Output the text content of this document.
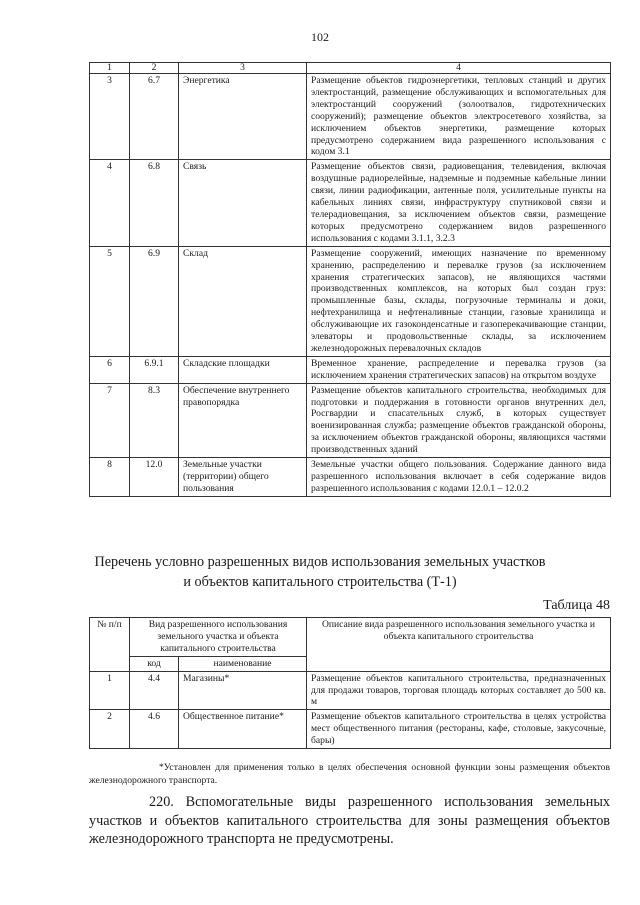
102
1	2	3	4
3	6.7	Энергетика	Размещение объектов гидроэнергетики, тепловых станций и других электростанций, размещение обслуживающих и вспомогательных для электростанций сооружений (золоотвалов, гидротехнических сооружений); размещение объектов электросетевого хозяйства, за исключением объектов энергетики, размещение которых предусмотрено содержанием вида разрешенного использования с кодом 3.1
4	6.8	Связь	Размещение объектов связи, радиовещания, телевидения, включая воздушные радиорелейные, надземные и подземные кабельные линии связи, линии радиофикации, антенные поля, усилительные пункты на кабельных линиях связи, инфраструктуру спутниковой связи и телерадиовещания, за исключением объектов связи, размещение которых предусмотрено содержанием видов разрешенного использования с кодами 3.1.1, 3.2.3
5	6.9	Склад	Размещение сооружений, имеющих назначение по временному хранению, распределению и перевалке грузов (за исключением хранения стратегических запасов), не являющихся частями производственных комплексов, на которых был создан груз: промышленные базы, склады, погрузочные терминалы и доки, нефтехранилища и нефтеналивные станции, газовые хранилища и обслуживающие их газоконденсатные и газоперекачивающие станции, элеваторы и продовольственные склады, за исключением железнодорожных перевалочных складов
6	6.9.1	Складские площадки	Временное хранение, распределение и перевалка грузов (за исключением хранения стратегических запасов) на открытом воздухе
7	8.3	Обеспечение внутреннего правопорядка	Размещение объектов капитального строительства, необходимых для подготовки и поддержания в готовности органов внутренних дел, Росгвардии и спасательных служб, в которых существует военизированная служба; размещение объектов гражданской обороны, за исключением объектов гражданской обороны, являющихся частями производственных зданий
8	12.0	Земельные участки (территории) общего пользования	Земельные участки общего пользования. Содержание данного вида разрешенного использования включает в себя содержание видов разрешенного использования с кодами 12.0.1 – 12.0.2
Перечень условно разрешенных видов использования земельных участков
и объектов капитального строительства (Т-1)
Таблица 48
№ п/п	Вид разрешенного использования земельного участка и объекта капитального строительства		Описание вида разрешенного использования земельного участка и объекта капитального строительства
	код	наименование	
1	4.4	Магазины*	Размещение объектов капитального строительства, предназначенных для продажи товаров, торговая площадь которых составляет до 500 кв. м
2	4.6	Общественное питание*	Размещение объектов капитального строительства в целях устройства мест общественного питания (рестораны, кафе, столовые, закусочные, бары)
*Установлен для применения только в целях обеспечения основной функции зоны размещения объектов железнодорожного транспорта.
220. Вспомогательные виды разрешенного использования земельных участков и объектов капитального строительства для зоны размещения объектов железнодорожного транспорта не предусмотрены.
